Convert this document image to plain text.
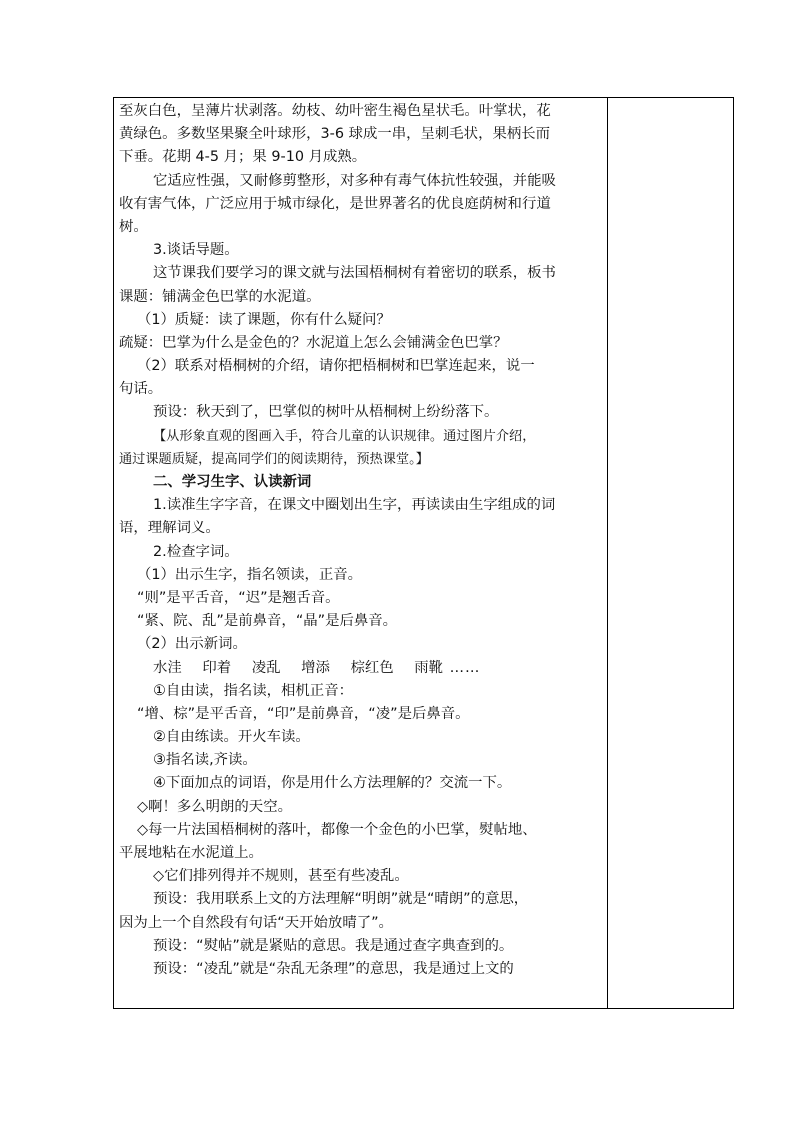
至灰白色，呈薄片状剥落。幼枝、幼叶密生褐色星状毛。叶掌状，花
黄绿色。多数坚果聚全叶球形，3-6 球成一串，呈刺毛状，果柄长而
下垂。花期 4-5 月；果 9-10 月成熟。
它适应性强，又耐修剪整形，对多种有毒气体抗性较强，并能吸
收有害气体，广泛应用于城市绿化，是世界著名的优良庭荫树和行道
树。
3.谈话导题。
这节课我们要学习的课文就与法国梧桐树有着密切的联系，板书
课题：铺满金色巴掌的水泥道。
（1）质疑：读了课题，你有什么疑问？
疏疑：巴掌为什么是金色的？水泥道上怎么会铺满金色巴掌？
（2）联系对梧桐树的介绍，请你把梧桐树和巴掌连起来，说一
句话。
预设：秋天到了，巴掌似的树叶从梧桐树上纷纷落下。
【从形象直观的图画入手，符合儿童的认识规律。通过图片介绍，
通过课题质疑，提高同学们的阅读期待，预热课堂。】
二、学习生字、认读新词
1.读准生字字音，在课文中圈划出生字，再读读由生字组成的词
语，理解词义。
2.检查字词。
（1）出示生字，指名领读，正音。
“则”是平舌音，“迟”是翘舌音。
“紧、院、乱”是前鼻音，“晶”是后鼻音。
（2）出示新词。
水洼 印着 凌乱 增添 棕红色 雨靴 ……
①自由读，指名读，相机正音：
“增、棕”是平舌音，“印”是前鼻音，“凌”是后鼻音。
②自由练读。开火车读。
③指名读,齐读。
④下面加点的词语，你是用什么方法理解的？交流一下。
◇啊！多么明朗的天空。
◇每一片法国梧桐树的落叶，都像一个金色的小巴掌，熨帖地、
平展地粘在水泥道上。
◇它们排列得并不规则，甚至有些凌乱。
预设：我用联系上文的方法理解“明朗”就是“晴朗”的意思，
因为上一个自然段有句话“天开始放晴了”。
预设：“熨帖”就是紧贴的意思。我是通过查字典查到的。
预设：“凌乱”就是“杂乱无条理”的意思，我是通过上文的
